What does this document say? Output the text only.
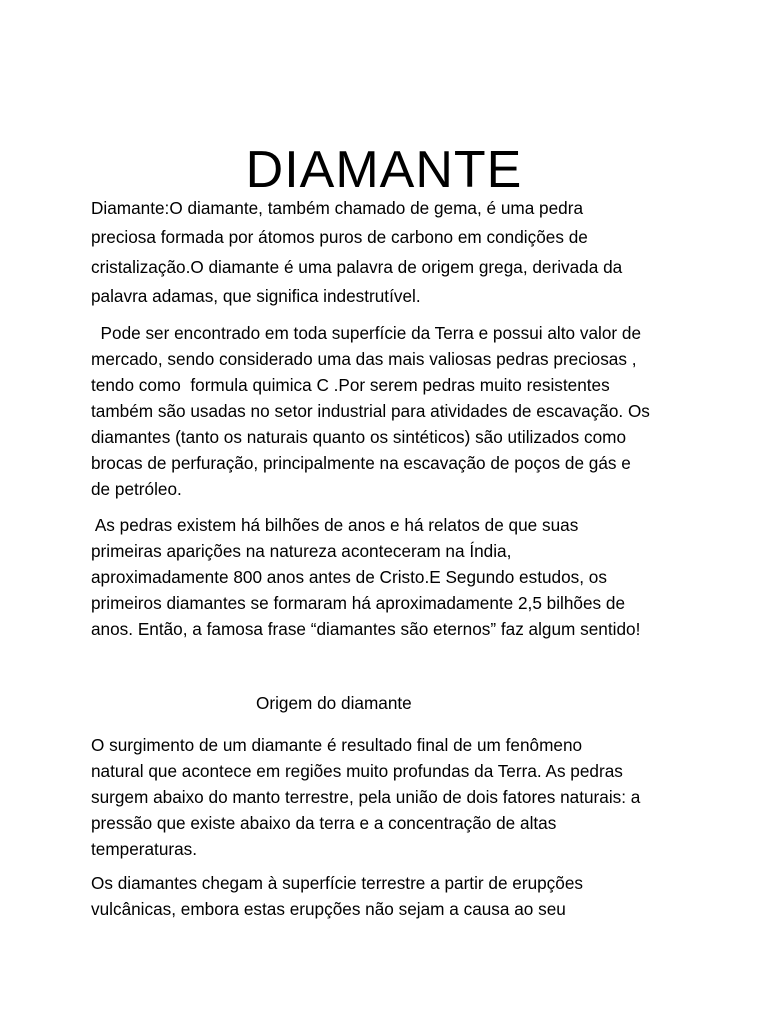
DIAMANTE
Diamante:O diamante, também chamado de gema, é uma pedra
preciosa formada por átomos puros de carbono em condições de
cristalização.O diamante é uma palavra de origem grega, derivada da
palavra adamas, que significa indestrutível.
Pode ser encontrado em toda superfície da Terra e possui alto valor de
mercado, sendo considerado uma das mais valiosas pedras preciosas ,
tendo como  formula quimica C .Por serem pedras muito resistentes
também são usadas no setor industrial para atividades de escavação. Os
diamantes (tanto os naturais quanto os sintéticos) são utilizados como
brocas de perfuração, principalmente na escavação de poços de gás e
de petróleo.
As pedras existem há bilhões de anos e há relatos de que suas
primeiras aparições na natureza aconteceram na Índia,
aproximadamente 800 anos antes de Cristo.E Segundo estudos, os
primeiros diamantes se formaram há aproximadamente 2,5 bilhões de
anos. Então, a famosa frase “diamantes são eternos” faz algum sentido!
Origem do diamante
O surgimento de um diamante é resultado final de um fenômeno
natural que acontece em regiões muito profundas da Terra. As pedras
surgem abaixo do manto terrestre, pela união de dois fatores naturais: a
pressão que existe abaixo da terra e a concentração de altas
temperaturas.
Os diamantes chegam à superfície terrestre a partir de erupções
vulcânicas, embora estas erupções não sejam a causa ao seu
